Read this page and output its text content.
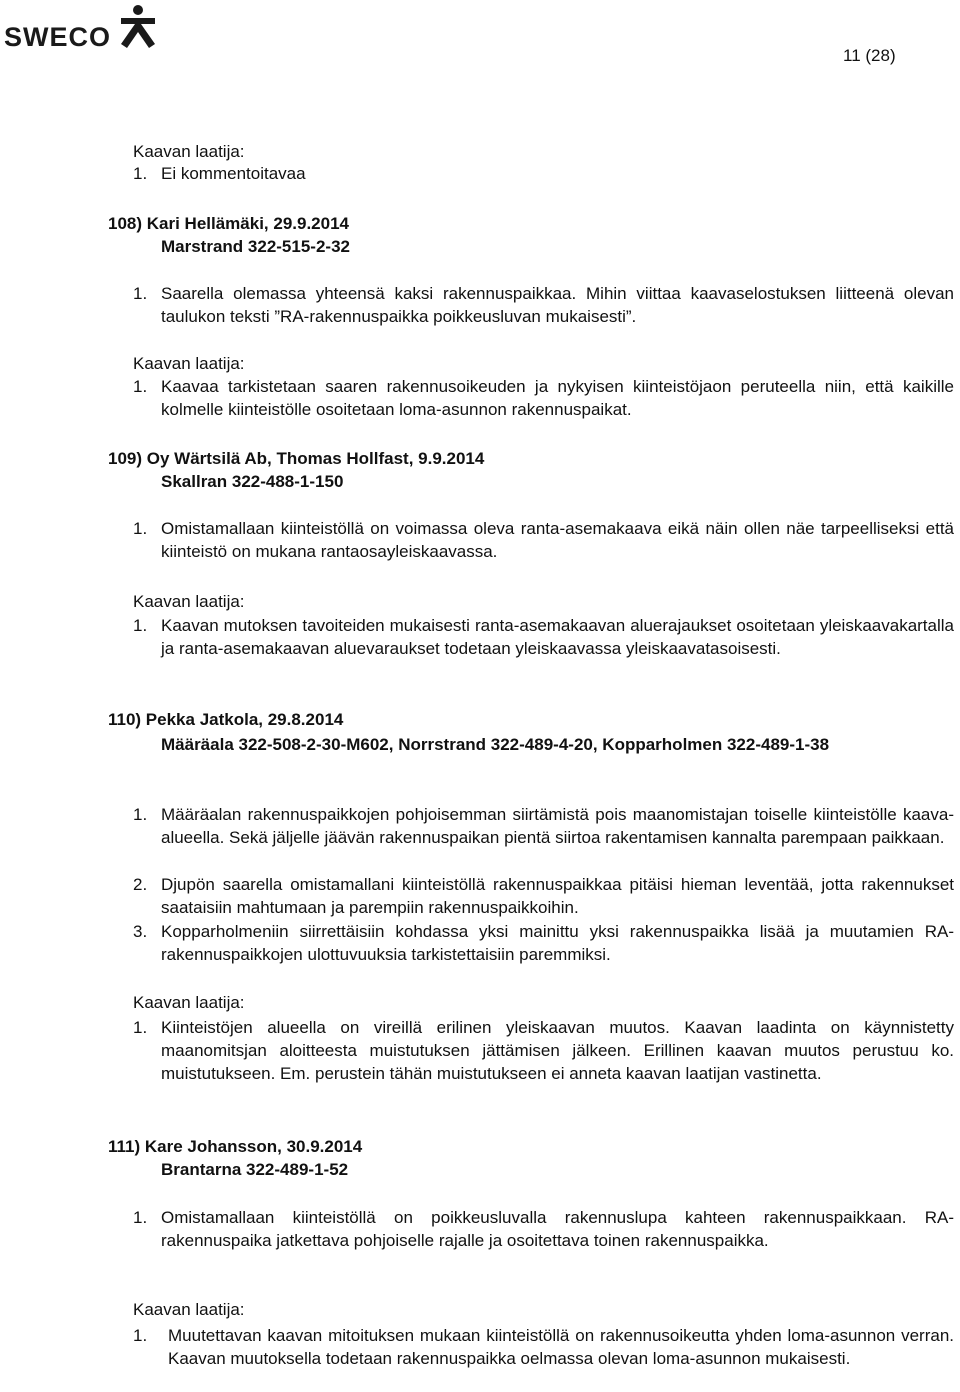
SWECO
11 (28)
Kaavan laatija:
1. Ei kommentoitavaa
108) Kari Hellämäki, 29.9.2014
Marstrand 322-515-2-32
1. Saarella olemassa yhteensä kaksi rakennuspaikkaa. Mihin viittaa kaavaselostuksen liitteenä olevan taulukon teksti ”RA-rakennuspaikka poikkeusluvan mukaisesti”.
Kaavan laatija:
1. Kaavaa tarkistetaan saaren rakennusoikeuden ja nykyisen kiinteistöjaon peruteella niin, että kaikille kolmelle kiinteistölle osoitetaan loma-asunnon rakennuspaikat.
109) Oy Wärtsilä Ab, Thomas Hollfast, 9.9.2014
Skallran 322-488-1-150
1. Omistamallaan kiinteistöllä on voimassa oleva ranta-asemakaava eikä näin ollen näe tarpeelliseksi että kiinteistö on mukana rantaosayleiskaavassa.
Kaavan laatija:
1. Kaavan mutoksen tavoiteiden mukaisesti ranta-asemakaavan aluerajaukset osoitetaan yleiskaavakartalla ja ranta-asemakaavan aluevaraukset todetaan yleiskaavassa yleiskaavatasoisesti.
110) Pekka Jatkola, 29.8.2014
Määräala 322-508-2-30-M602, Norrstrand 322-489-4-20, Kopparholmen 322-489-1-38
1. Määräalan rakennuspaikkojen pohjoisemman siirtämistä pois maanomistajan toiselle kiinteistölle kaava-alueella. Sekä jäljelle jäävän rakennuspaikan pientä siirtoa rakentamisen kannalta parempaan paikkaan.
2. Djupön saarella omistamallani kiinteistöllä rakennuspaikkaa pitäisi hieman leventää, jotta rakennukset saataisiin mahtumaan ja parempiin rakennuspaikkoihin.
3. Kopparholmeniin siirrettäisiin kohdassa yksi mainittu yksi rakennuspaikka lisää ja muutamien RA-rakennuspaikkojen ulottuvuuksia tarkistettaisiin paremmiksi.
Kaavan laatija:
1. Kiinteistöjen alueella on vireillä erilinen yleiskaavan muutos. Kaavan laadinta on käynnistetty maanomitsjan aloitteesta muistutuksen jättämisen jälkeen. Erillinen kaavan muutos perustuu ko. muistutukseen. Em. perustein tähän muistutukseen ei anneta kaavan laatijan vastinetta.
111) Kare Johansson, 30.9.2014
Brantarna 322-489-1-52
1. Omistamallaan kiinteistöllä on poikkeusluvalla rakennuslupa kahteen rakennuspaikkaan. RA-rakennuspaika jatkettava pohjoiselle rajalle ja osoitettava toinen rakennuspaikka.
Kaavan laatija:
1. Muutettavan kaavan mitoituksen mukaan kiinteistöllä on rakennusoikeutta yhden loma-asunnon verran. Kaavan muutoksella todetaan rakennuspaikka oelmassa olevan loma-asunnon mukaisesti.
